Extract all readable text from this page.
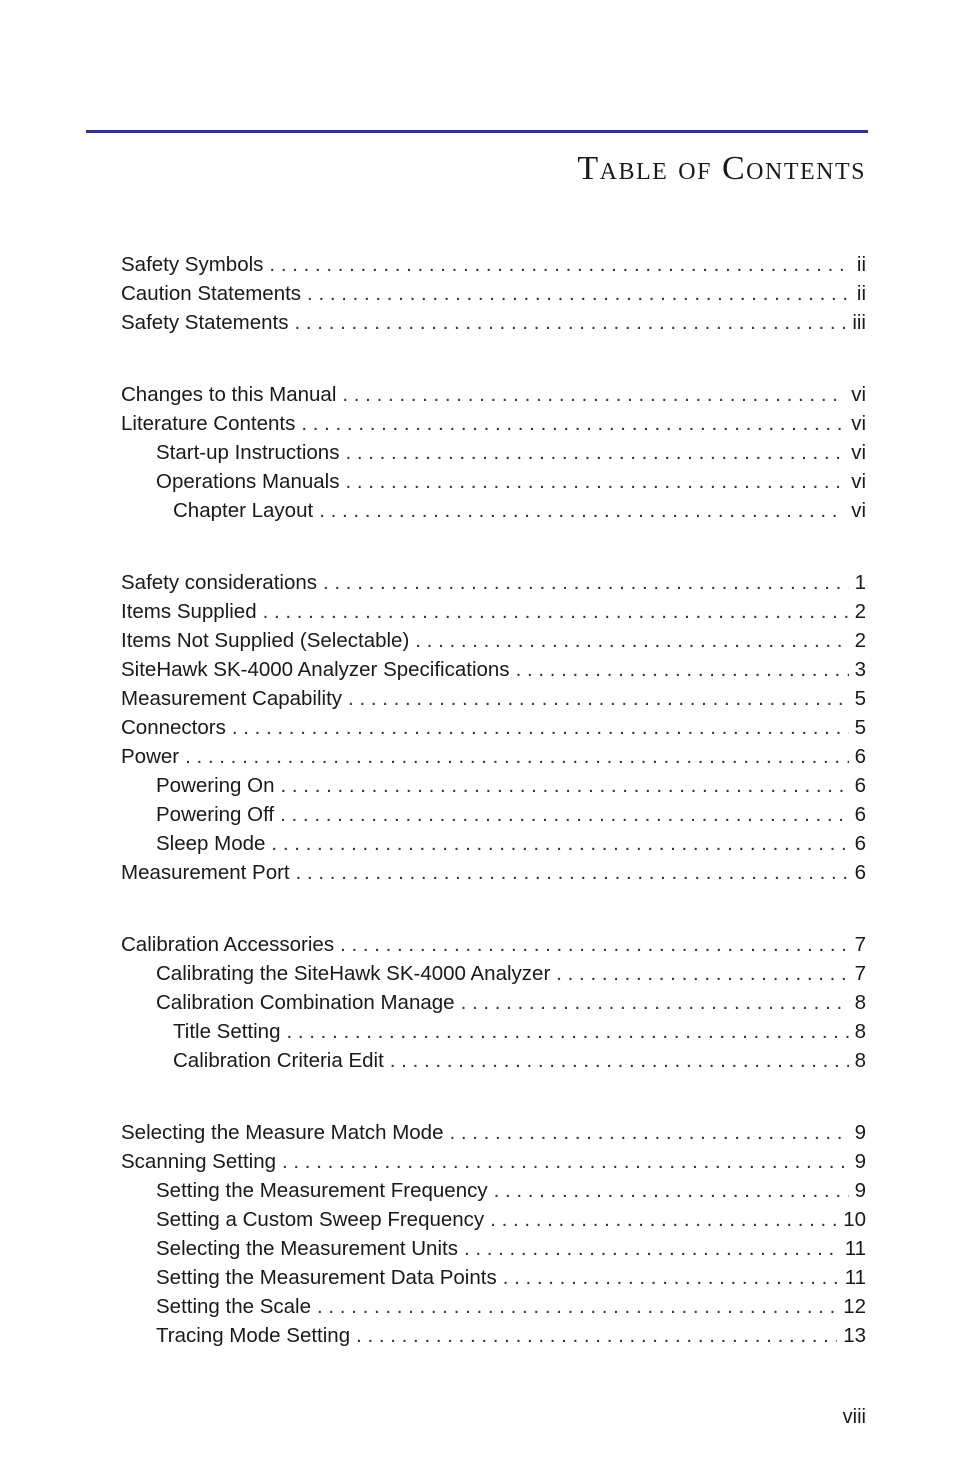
Table of Contents
Safety Symbols . . .	ii
Caution Statements . . .	ii
Safety Statements . . .	iii
Changes to this Manual . . .	vi
Literature Contents . . .	vi
Start-up Instructions . . .	vi
Operations Manuals . . .	vi
Chapter Layout . . .	vi
Safety considerations . . .	1
Items Supplied . . .	2
Items Not Supplied (Selectable) . . .	2
SiteHawk SK-4000 Analyzer Specifications . . .	3
Measurement Capability . . .	5
Connectors . . .	5
Power . . .	6
Powering On . . .	6
Powering Off . . .	6
Sleep Mode . . .	6
Measurement Port . . .	6
Calibration Accessories . . .	7
Calibrating the SiteHawk SK-4000 Analyzer . . .	7
Calibration Combination Manage . . .	8
Title Setting . . .	8
Calibration Criteria Edit . . .	8
Selecting the Measure Match Mode . . .	9
Scanning Setting . . .	9
Setting the Measurement Frequency . . .	9
Setting a Custom Sweep Frequency . . .	10
Selecting the Measurement Units . . .	11
Setting the Measurement Data Points . . .	11
Setting the Scale . . .	12
Tracing Mode Setting . . .	13
viii
